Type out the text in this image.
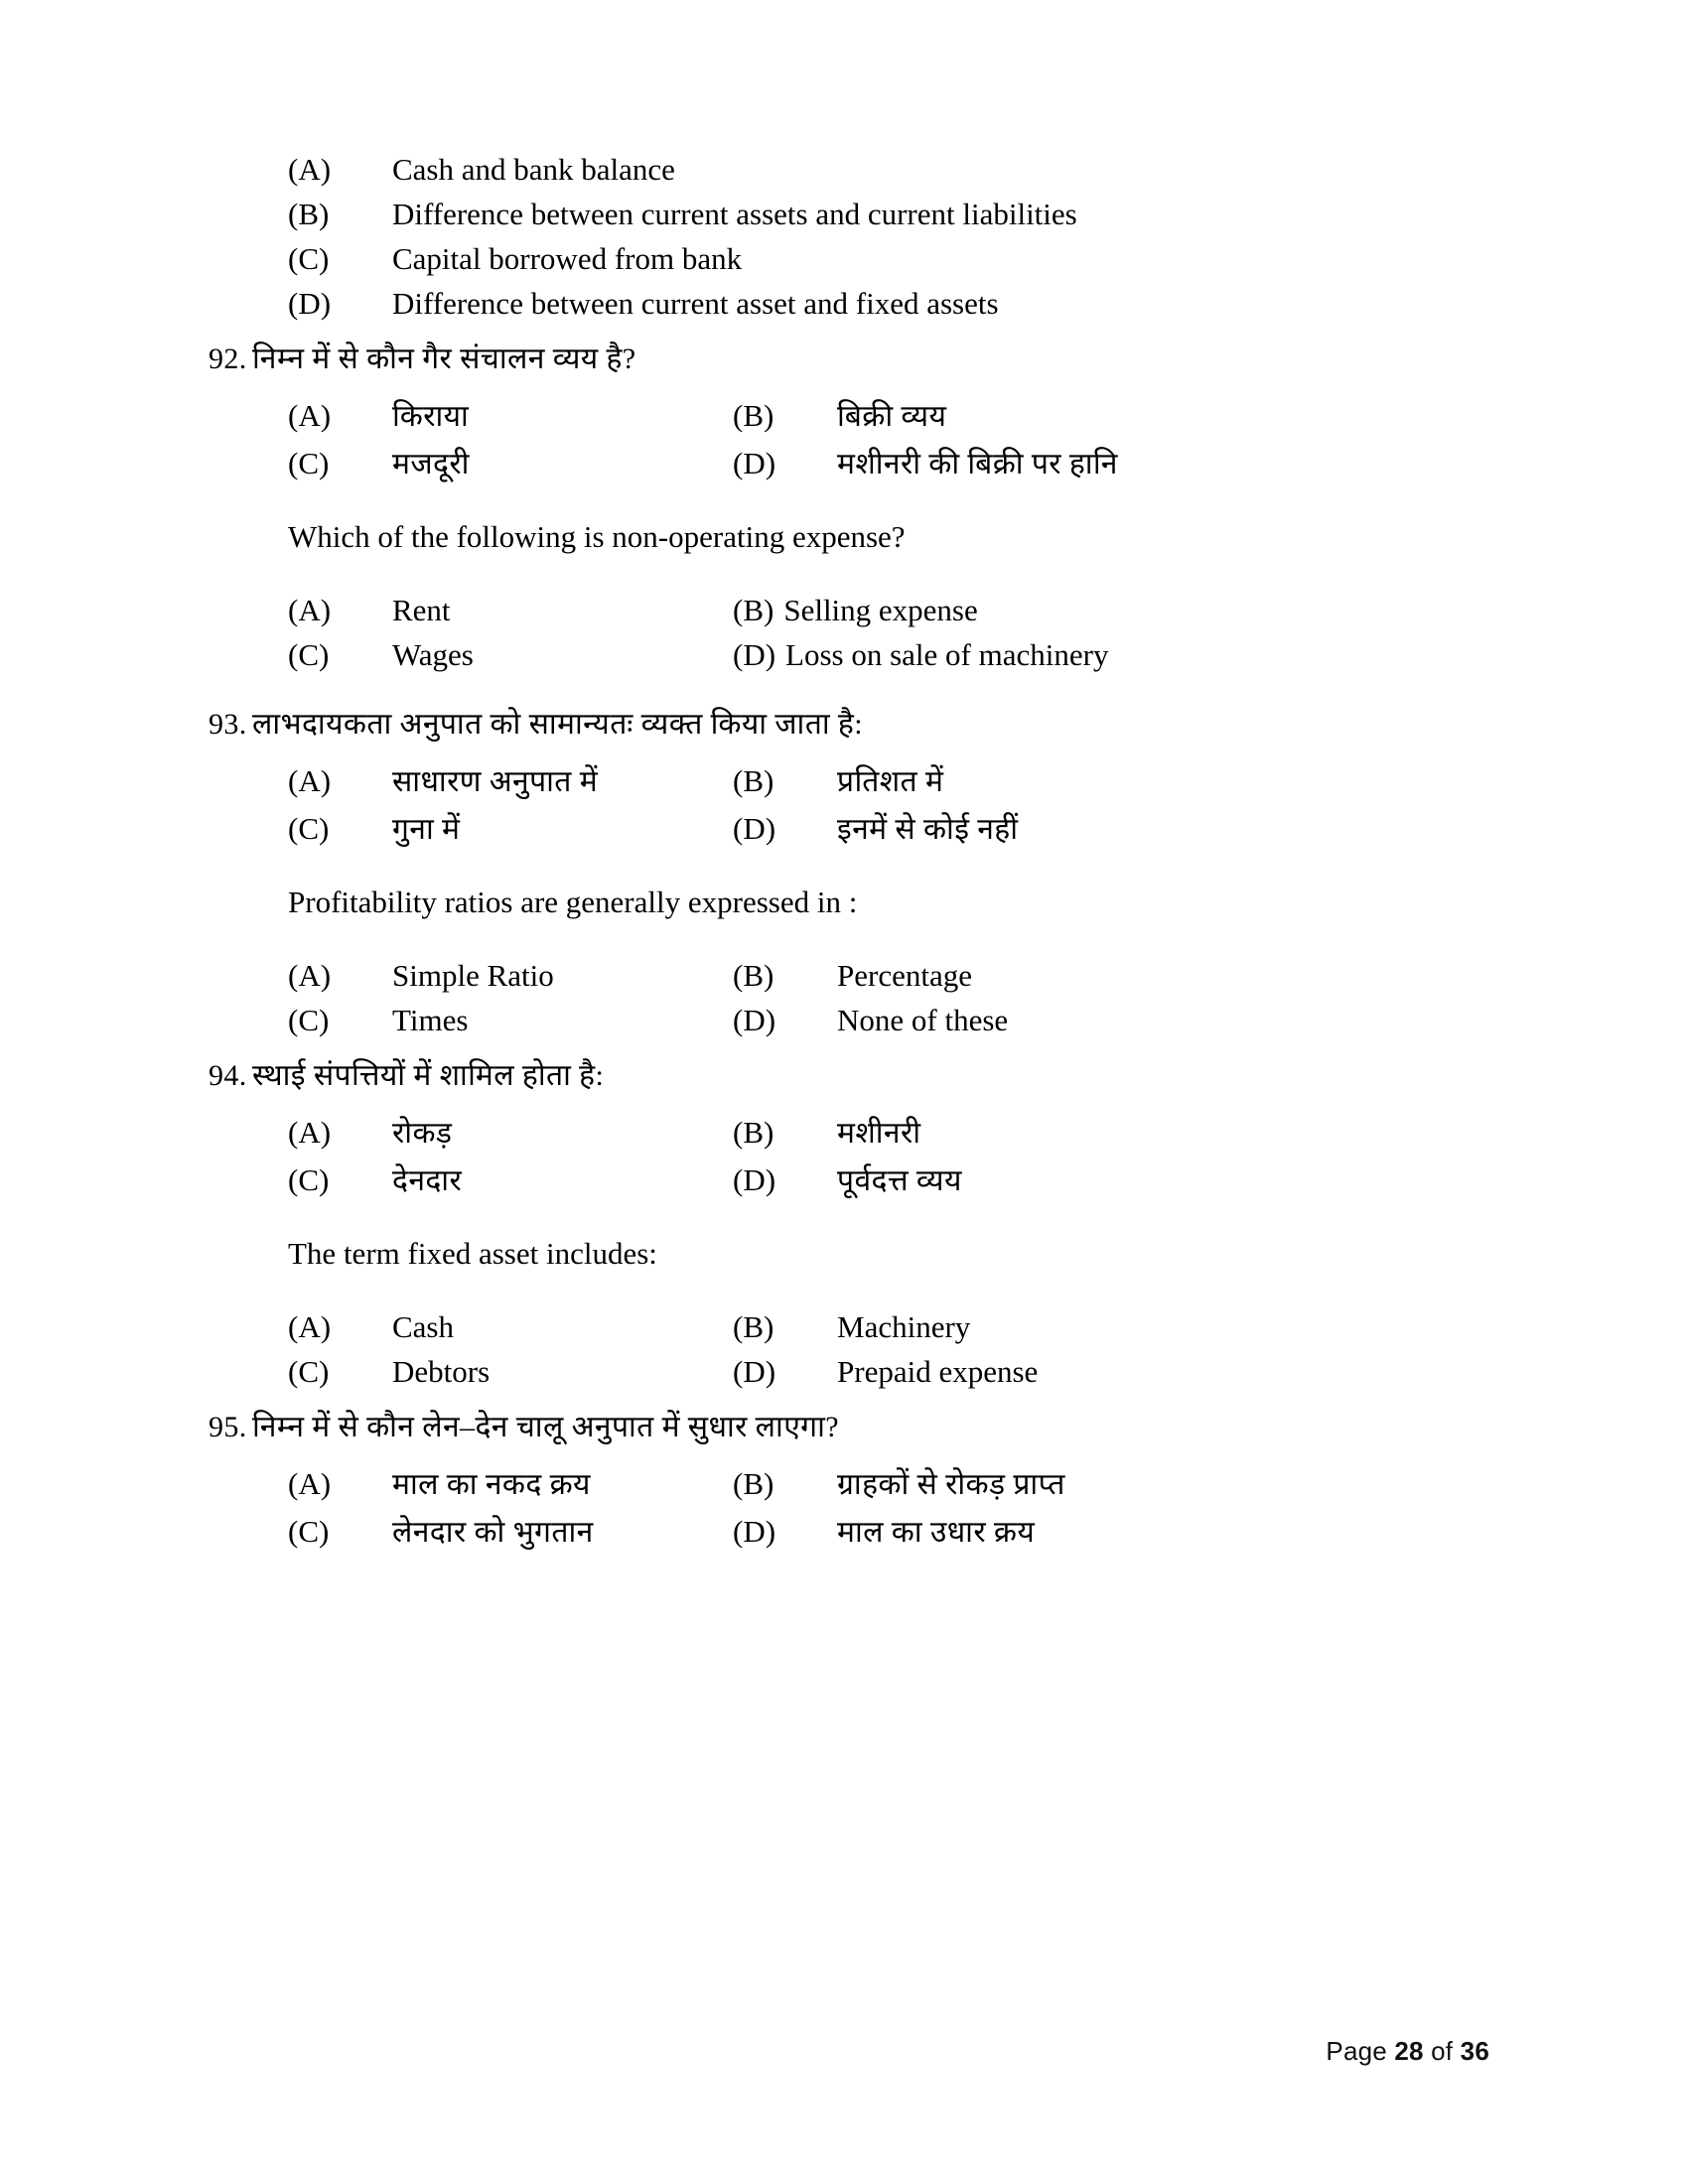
(A)	Cash and bank balance
(B)	Difference between current assets and current liabilities
(C)	Capital borrowed from bank
(D)	Difference between current asset and fixed assets
92. निम्न में से कौन गैर संचालन व्यय है?
(A)	किराया	(B)	बिक्री व्यय
(C)	मजदूरी	(D)	मशीनरी की बिक्री पर हानि
Which of the following is non-operating expense?
(A)	Rent	(B) Selling expense
(C)	Wages	(D) Loss on sale of machinery
93. लाभदायकता अनुपात को सामान्यतः व्यक्त किया जाता है:
(A)	साधारण अनुपात में	(B)	प्रतिशत में
(C)	गुना में	(D)	इनमें से कोई नहीं
Profitability ratios are generally expressed in :
(A)	Simple Ratio	(B)	Percentage
(C)	Times	(D)	None of these
94. स्थाई संपत्तियों में शामिल होता है:
(A)	रोकड़	(B)	मशीनरी
(C)	देनदार	(D)	पूर्वदत्त व्यय
The term fixed asset includes:
(A)	Cash	(B)	Machinery
(C)	Debtors	(D)	Prepaid expense
95. निम्न में से कौन लेन–देन चालू अनुपात में सुधार लाएगा?
(A)	माल का नकद क्रय	(B)	ग्राहकों से रोकड़ प्राप्त
(C)	लेनदार को भुगतान	(D)	माल का उधार क्रय
Page 28 of 36
